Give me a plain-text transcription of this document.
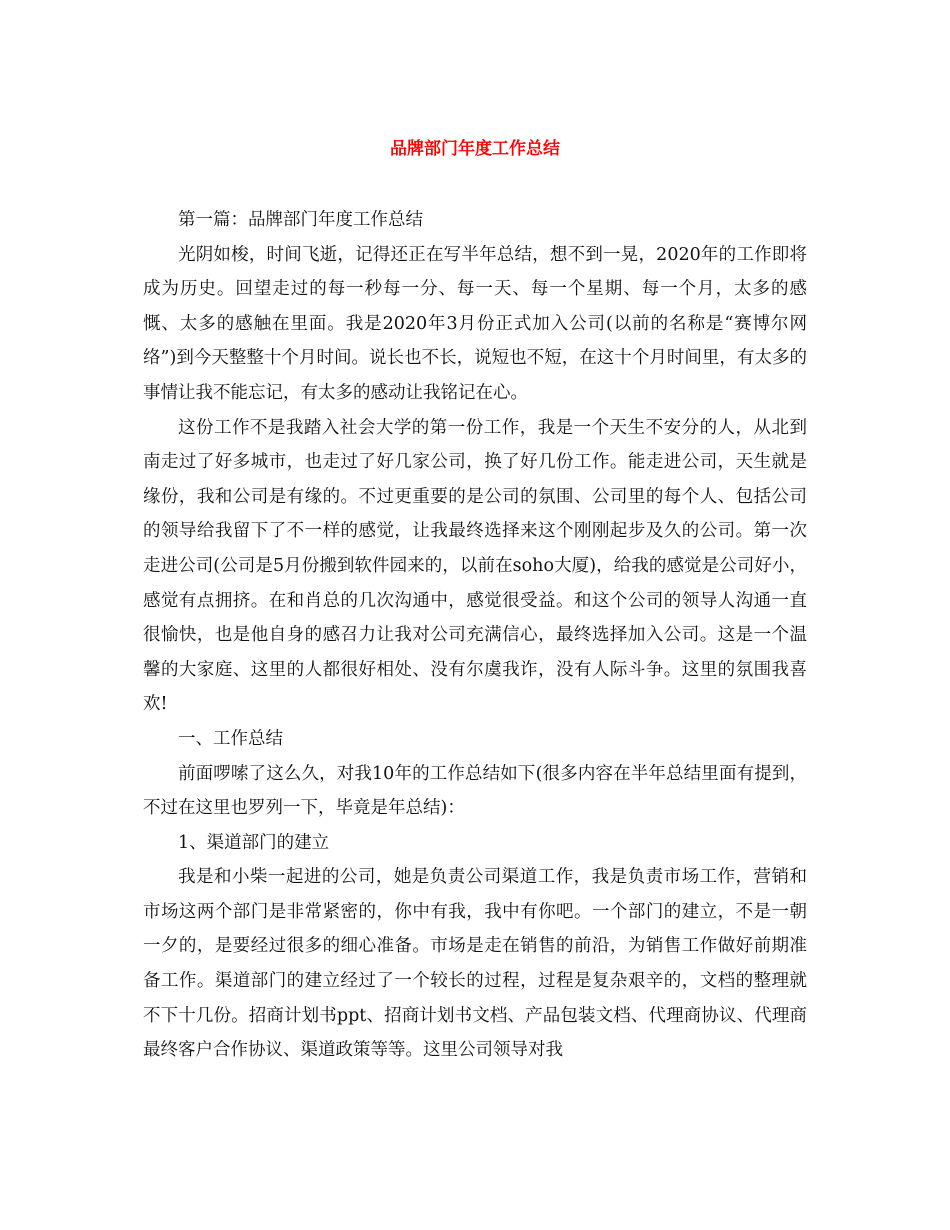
品牌部门年度工作总结

第一篇：品牌部门年度工作总结

光阴如梭，时间飞逝，记得还正在写半年总结，想不到一晃，2020年的工作即将成为历史。回望走过的每一秒每一分、每一天、每一个星期、每一个月，太多的感慨、太多的感触在里面。我是2020年3月份正式加入公司(以前的名称是“赛博尔网络”)到今天整整十个月时间。说长也不长，说短也不短，在这十个月时间里，有太多的事情让我不能忘记，有太多的感动让我铭记在心。

这份工作不是我踏入社会大学的第一份工作，我是一个天生不安分的人，从北到南走过了好多城市，也走过了好几家公司，换了好几份工作。能走进公司，天生就是缘份，我和公司是有缘的。不过更重要的是公司的氛围、公司里的每个人、包括公司的领导给我留下了不一样的感觉，让我最终选择来这个刚刚起步及久的公司。第一次走进公司(公司是5月份搬到软件园来的，以前在soho大厦)，给我的感觉是公司好小，感觉有点拥挤。在和肖总的几次沟通中，感觉很受益。和这个公司的领导人沟通一直很愉快，也是他自身的感召力让我对公司充满信心，最终选择加入公司。这是一个温馨的大家庭、这里的人都很好相处、没有尔虞我诈，没有人际斗争。这里的氛围我喜欢!

一、工作总结

前面啰嗦了这么久，对我10年的工作总结如下(很多内容在半年总结里面有提到，不过在这里也罗列一下，毕竟是年总结)：

1、渠道部门的建立

我是和小柴一起进的公司，她是负责公司渠道工作，我是负责市场工作，营销和市场这两个部门是非常紧密的，你中有我，我中有你吧。一个部门的建立，不是一朝一夕的，是要经过很多的细心准备。市场是走在销售的前沿，为销售工作做好前期准备工作。渠道部门的建立经过了一个较长的过程，过程是复杂艰辛的，文档的整理就不下十几份。招商计划书ppt、招商计划书文档、产品包装文档、代理商协议、代理商最终客户合作协议、渠道政策等等。这里公司领导对我
